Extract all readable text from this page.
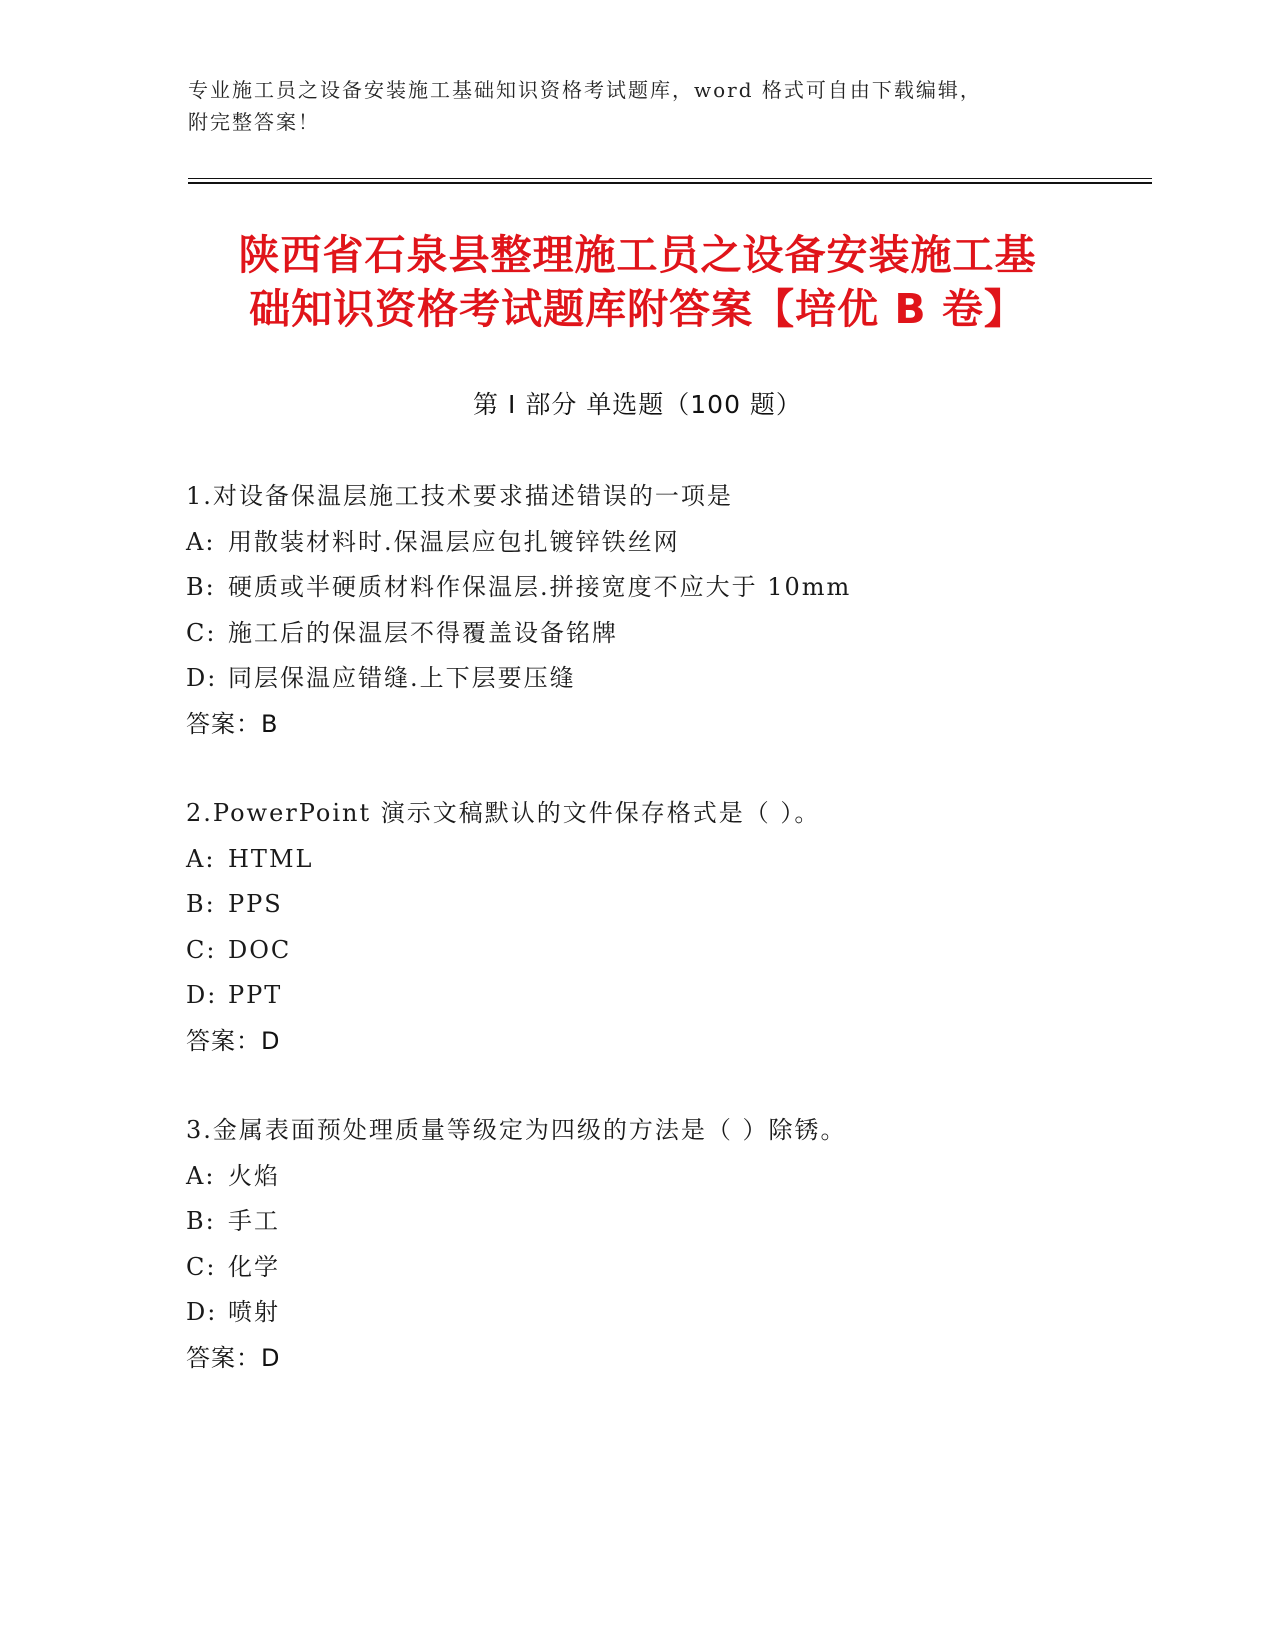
专业施工员之设备安装施工基础知识资格考试题库，word 格式可自由下载编辑，
附完整答案！
陕西省石泉县整理施工员之设备安装施工基
础知识资格考试题库附答案【培优 B 卷】
第 I 部分 单选题（100 题）
1.对设备保温层施工技术要求描述错误的一项是
A: 用散装材料时.保温层应包扎镀锌铁丝网
B: 硬质或半硬质材料作保温层.拼接宽度不应大于 10mm
C: 施工后的保温层不得覆盖设备铭牌
D: 同层保温应错缝.上下层要压缝
答案：B
2.PowerPoint 演示文稿默认的文件保存格式是（ ）。
A: HTML
B: PPS
C: DOC
D: PPT
答案：D
3.金属表面预处理质量等级定为四级的方法是（ ）除锈。
A: 火焰
B: 手工
C: 化学
D: 喷射
答案：D
